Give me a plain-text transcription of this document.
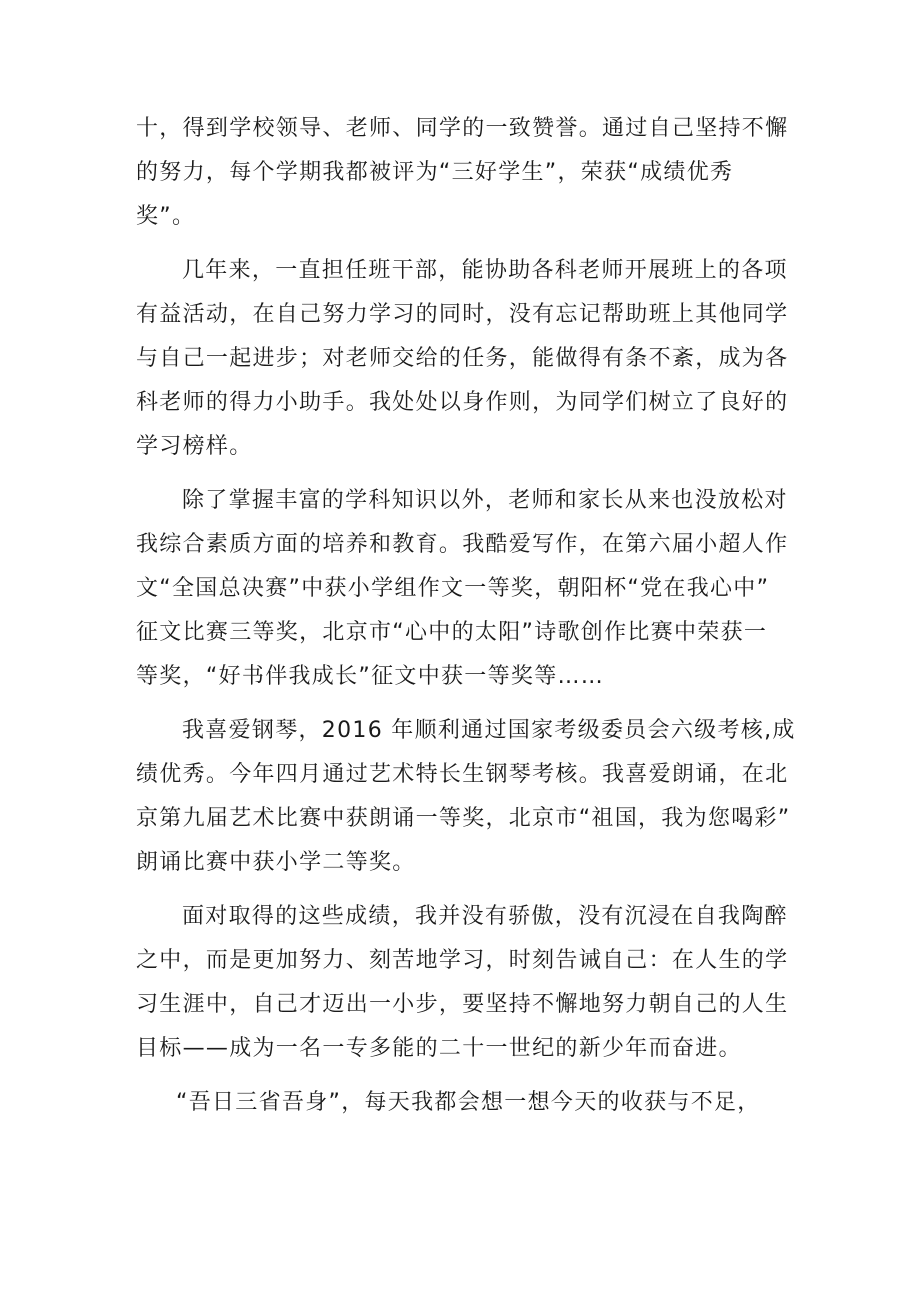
十，得到学校领导、老师、同学的一致赞誉。通过自己坚持不懈
的努力，每个学期我都被评为“三好学生”，荣获“成绩优秀
奖”。
几年来，一直担任班干部，能协助各科老师开展班上的各项
有益活动，在自己努力学习的同时，没有忘记帮助班上其他同学
与自己一起进步；对老师交给的任务，能做得有条不紊，成为各
科老师的得力小助手。我处处以身作则，为同学们树立了良好的
学习榜样。
除了掌握丰富的学科知识以外，老师和家长从来也没放松对
我综合素质方面的培养和教育。我酷爱写作，在第六届小超人作
文“全国总决赛”中获小学组作文一等奖，朝阳杯“党在我心中”
征文比赛三等奖，北京市“心中的太阳”诗歌创作比赛中荣获一
等奖，“好书伴我成长”征文中获一等奖等……
我喜爱钢琴，2016 年顺利通过国家考级委员会六级考核,成
绩优秀。今年四月通过艺术特长生钢琴考核。我喜爱朗诵，在北
京第九届艺术比赛中获朗诵一等奖，北京市“祖国，我为您喝彩”
朗诵比赛中获小学二等奖。
面对取得的这些成绩，我并没有骄傲，没有沉浸在自我陶醉
之中，而是更加努力、刻苦地学习，时刻告诫自己：在人生的学
习生涯中，自己才迈出一小步，要坚持不懈地努力朝自己的人生
目标——成为一名一专多能的二十一世纪的新少年而奋进。
“吾日三省吾身”，每天我都会想一想今天的收获与不足，
